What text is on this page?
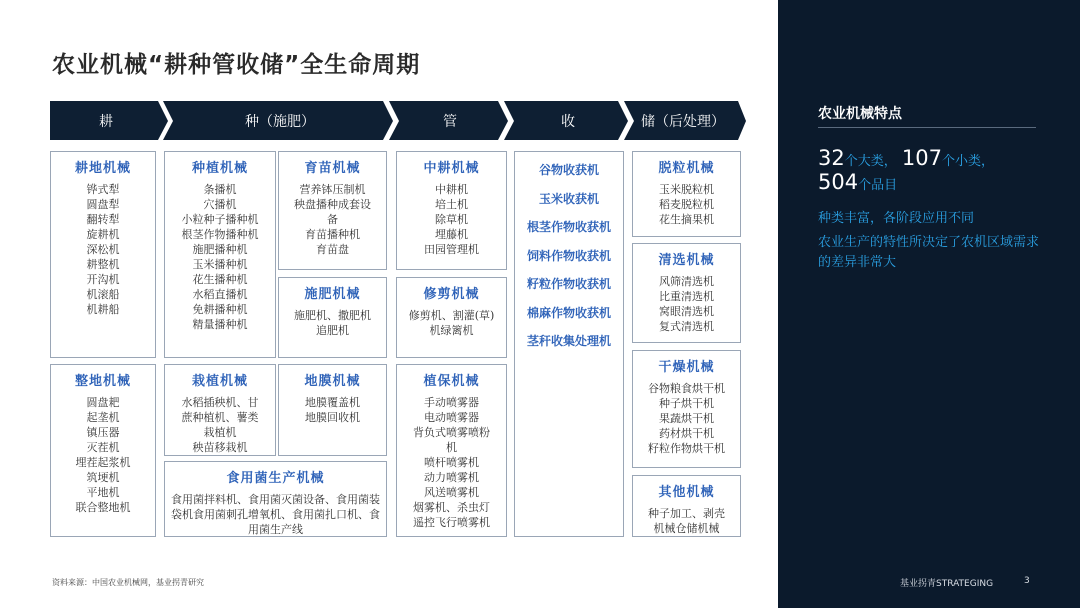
农业机械“耕种管收储”全生命周期
耕	种（施肥）	管	收	储（后处理）
耕地机械
铧式犁
圆盘犁
翻转犁
旋耕机
深松机
耕整机
开沟机
机滚船
机耕船
整地机械
圆盘耙
起垄机
镇压器
灭茬机
埋茬起浆机
筑埂机
平地机
联合整地机
种植机械
条播机
穴播机
小粒种子播种机
根茎作物播种机
施肥播种机
玉米播种机
花生播种机
水稻直播机
免耕播种机
精量播种机
育苗机械
营养钵压制机
秧盘播种成套设
备
育苗播种机
育苗盘
施肥机械
施肥机、撒肥机
追肥机
栽植机械
水稻插秧机、甘
蔗种植机、薯类
栽植机
秧苗移栽机
地膜机械
地膜覆盖机
地膜回收机
食用菌生产机械
食用菌拌料机、食用菌灭菌设备、食用菌装袋机食用菌刺孔增氧机、食用菌扎口机、食用菌生产线
中耕机械
中耕机
培土机
除草机
埋藤机
田园管理机
修剪机械
修剪机、割灌(草)
机绿篱机
植保机械
手动喷雾器
电动喷雾器
背负式喷雾喷粉
机
喷杆喷雾机
动力喷雾机
风送喷雾机
烟雾机、杀虫灯
遥控飞行喷雾机
谷物收获机
玉米收获机
根茎作物收获机
饲料作物收获机
籽粒作物收获机
棉麻作物收获机
茎秆收集处理机
脱粒机械
玉米脱粒机
稻麦脱粒机
花生摘果机
清选机械
风筛清选机
比重清选机
窝眼清选机
复式清选机
干燥机械
谷物粮食烘干机
种子烘干机
果蔬烘干机
药材烘干机
籽粒作物烘干机
其他机械
种子加工、剥壳
机械仓储机械
农业机械特点
32个大类， 107个小类，
504个品目
种类丰富，各阶段应用不同
农业生产的特性所决定了农机区域需求的差异非常大
资料来源：中国农业机械网，基业拐青研究	基业拐青STRATEGING	3
